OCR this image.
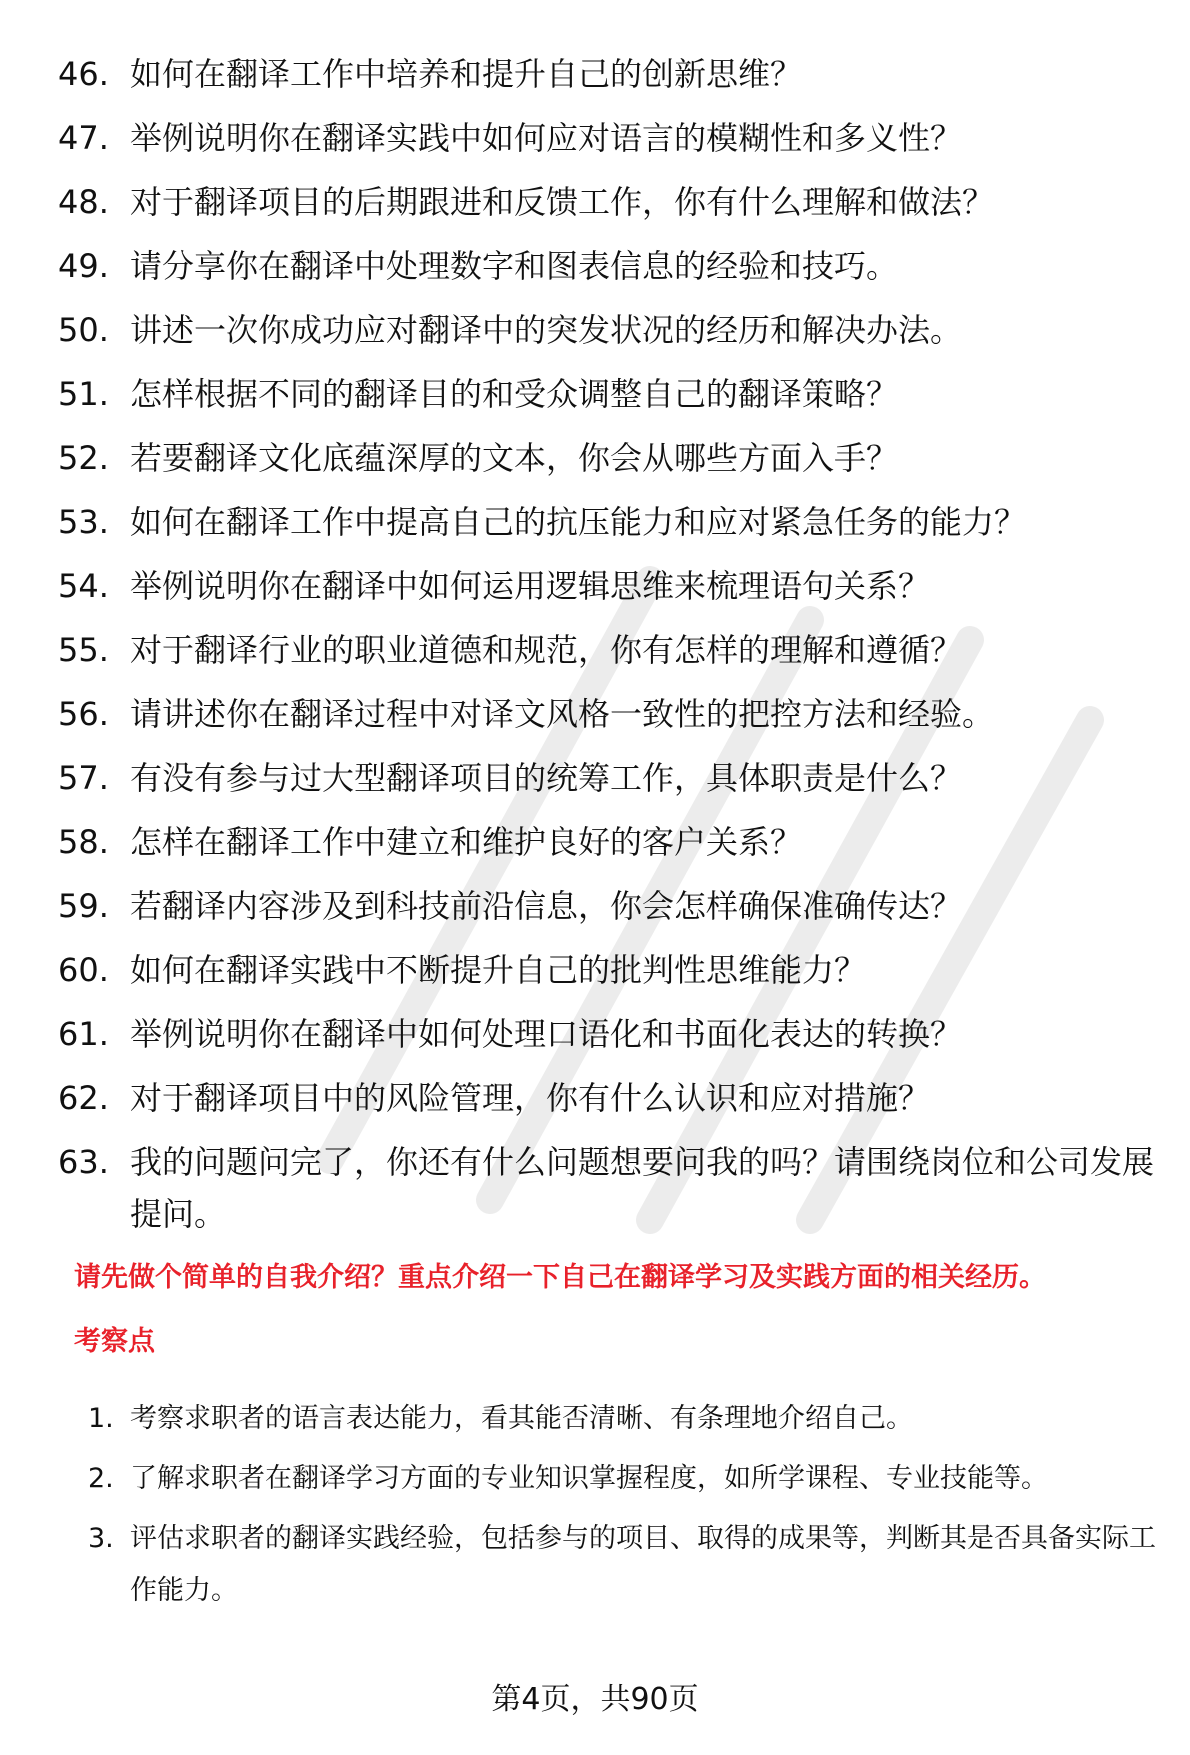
46. 如何在翻译工作中培养和提升自己的创新思维？
47. 举例说明你在翻译实践中如何应对语言的模糊性和多义性？
48. 对于翻译项目的后期跟进和反馈工作，你有什么理解和做法？
49. 请分享你在翻译中处理数字和图表信息的经验和技巧。
50. 讲述一次你成功应对翻译中的突发状况的经历和解决办法。
51. 怎样根据不同的翻译目的和受众调整自己的翻译策略？
52. 若要翻译文化底蕴深厚的文本，你会从哪些方面入手？
53. 如何在翻译工作中提高自己的抗压能力和应对紧急任务的能力？
54. 举例说明你在翻译中如何运用逻辑思维来梳理语句关系？
55. 对于翻译行业的职业道德和规范，你有怎样的理解和遵循？
56. 请讲述你在翻译过程中对译文风格一致性的把控方法和经验。
57. 有没有参与过大型翻译项目的统筹工作，具体职责是什么？
58. 怎样在翻译工作中建立和维护良好的客户关系？
59. 若翻译内容涉及到科技前沿信息，你会怎样确保准确传达？
60. 如何在翻译实践中不断提升自己的批判性思维能力？
61. 举例说明你在翻译中如何处理口语化和书面化表达的转换？
62. 对于翻译项目中的风险管理，你有什么认识和应对措施？
63. 我的问题问完了，你还有什么问题想要问我的吗？请围绕岗位和公司发展提问。
请先做个简单的自我介绍？重点介绍一下自己在翻译学习及实践方面的相关经历。
考察点
1. 考察求职者的语言表达能力，看其能否清晰、有条理地介绍自己。
2. 了解求职者在翻译学习方面的专业知识掌握程度，如所学课程、专业技能等。
3. 评估求职者的翻译实践经验，包括参与的项目、取得的成果等，判断其是否具备实际工作能力。
第4页，共90页
